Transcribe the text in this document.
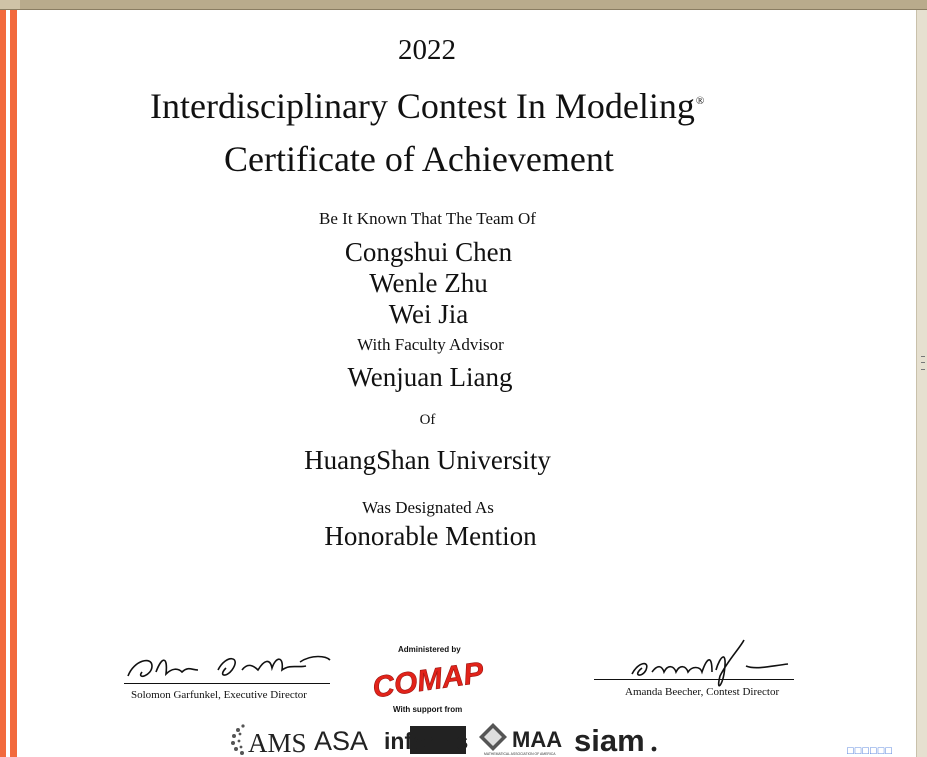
2022
Interdisciplinary Contest In Modeling®
Certificate of Achievement
Be It Known That The Team Of
Congshui Chen
Wenle Zhu
Wei Jia
With Faculty Advisor
Wenjuan Liang
Of
HuangShan University
Was Designated As
Honorable Mention
Solomon Garfunkel, Executive Director	Amanda Beecher, Contest Director
Administered by
COMAP
With support from
AMS ASA informs MAA
MATHEMATICAL ASSOCIATION OF AMERICA siam	□□□□□□
